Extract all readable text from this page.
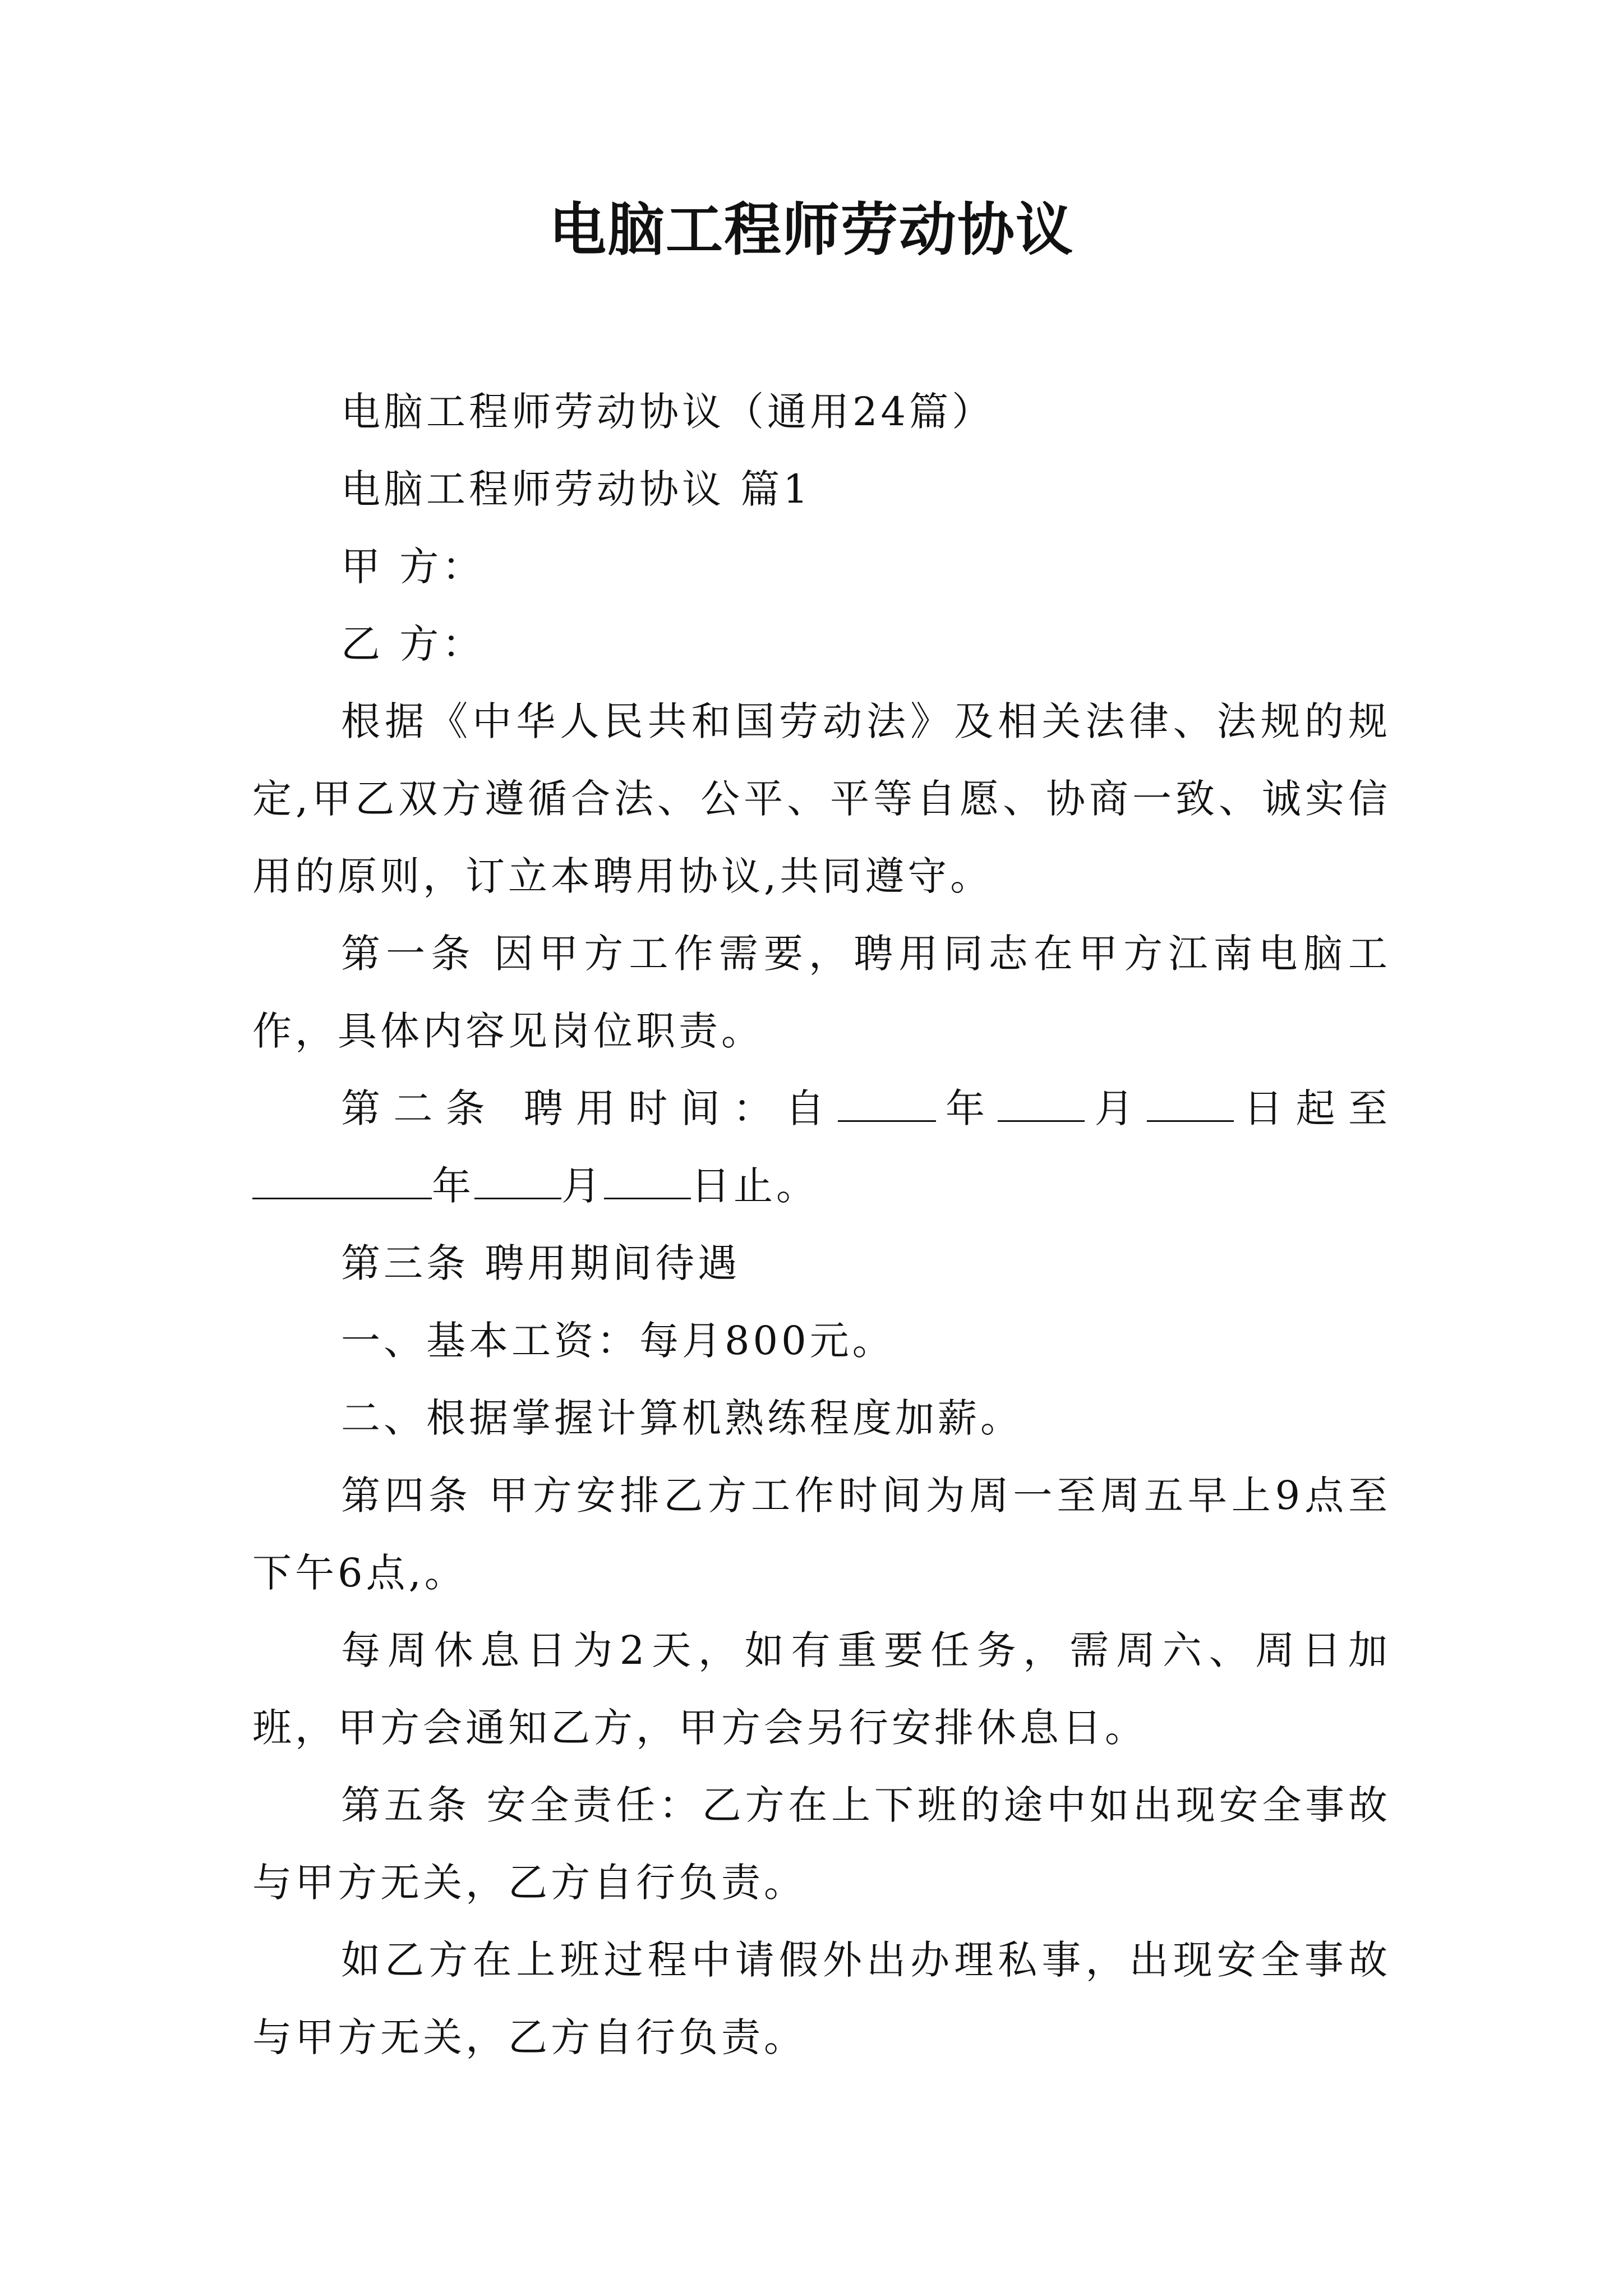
电脑工程师劳动协议

电脑工程师劳动协议（通用24篇）

电脑工程师劳动协议 篇1

甲 方：

乙 方：

根据《中华人民共和国劳动法》及相关法律、法规的规定,甲乙双方遵循合法、公平、平等自愿、协商一致、诚实信用的原则，订立本聘用协议,共同遵守。

第一条 因甲方工作需要，聘用同志在甲方江南电脑工作，具体内容见岗位职责。

第二条 聘用时间：自	年 月 日起至年 月 日止。

第三条 聘用期间待遇

一、基本工资：每月800元。

二、根据掌握计算机熟练程度加薪。

第四条 甲方安排乙方工作时间为周一至周五早上9点至下午6点,。

每周休息日为2天，如有重要任务，需周六、周日加班，甲方会通知乙方，甲方会另行安排休息日。

第五条 安全责任：乙方在上下班的途中如出现安全事故与甲方无关，乙方自行负责。

如乙方在上班过程中请假外出办理私事，出现安全事故与甲方无关，乙方自行负责。
